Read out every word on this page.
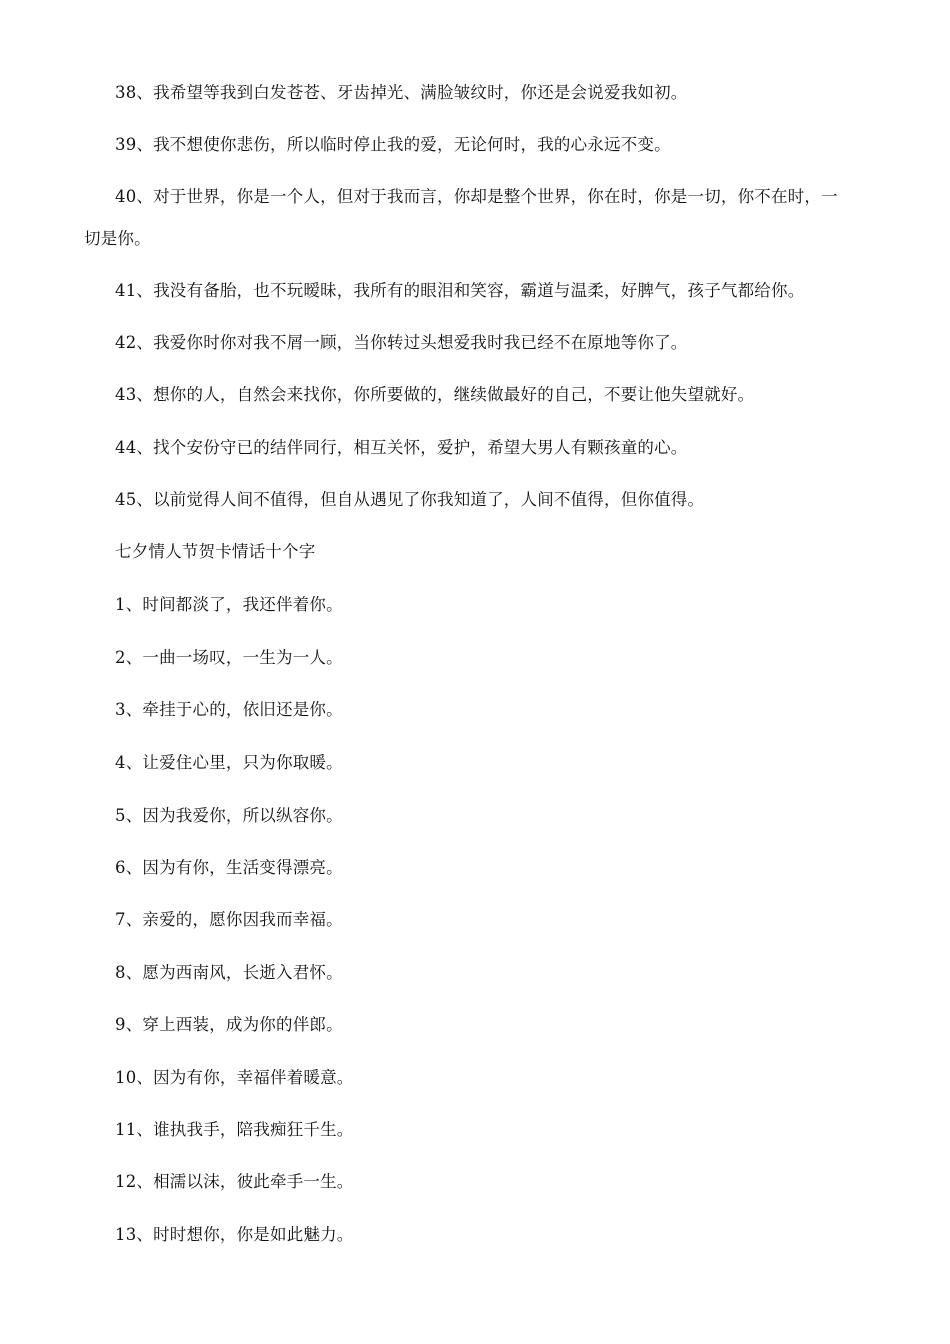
38、我希望等我到白发苍苍、牙齿掉光、满脸皱纹时，你还是会说爱我如初。

39、我不想使你悲伤，所以临时停止我的爱，无论何时，我的心永远不变。

40、对于世界，你是一个人，但对于我而言，你却是整个世界，你在时，你是一切，你不在时，一切是你。

41、我没有备胎，也不玩暧昧，我所有的眼泪和笑容，霸道与温柔，好脾气，孩子气都给你。

42、我爱你时你对我不屑一顾，当你转过头想爱我时我已经不在原地等你了。

43、想你的人，自然会来找你，你所要做的，继续做最好的自己，不要让他失望就好。

44、找个安份守已的结伴同行，相互关怀，爱护，希望大男人有颗孩童的心。

45、以前觉得人间不值得，但自从遇见了你我知道了，人间不值得，但你值得。

七夕情人节贺卡情话十个字

1、时间都淡了，我还伴着你。

2、一曲一场叹，一生为一人。

3、牵挂于心的，依旧还是你。

4、让爱住心里，只为你取暖。

5、因为我爱你，所以纵容你。

6、因为有你，生活变得漂亮。

7、亲爱的，愿你因我而幸福。

8、愿为西南风，长逝入君怀。

9、穿上西装，成为你的伴郎。

10、因为有你，幸福伴着暖意。

11、谁执我手，陪我痴狂千生。

12、相濡以沫，彼此牵手一生。

13、时时想你，你是如此魅力。
